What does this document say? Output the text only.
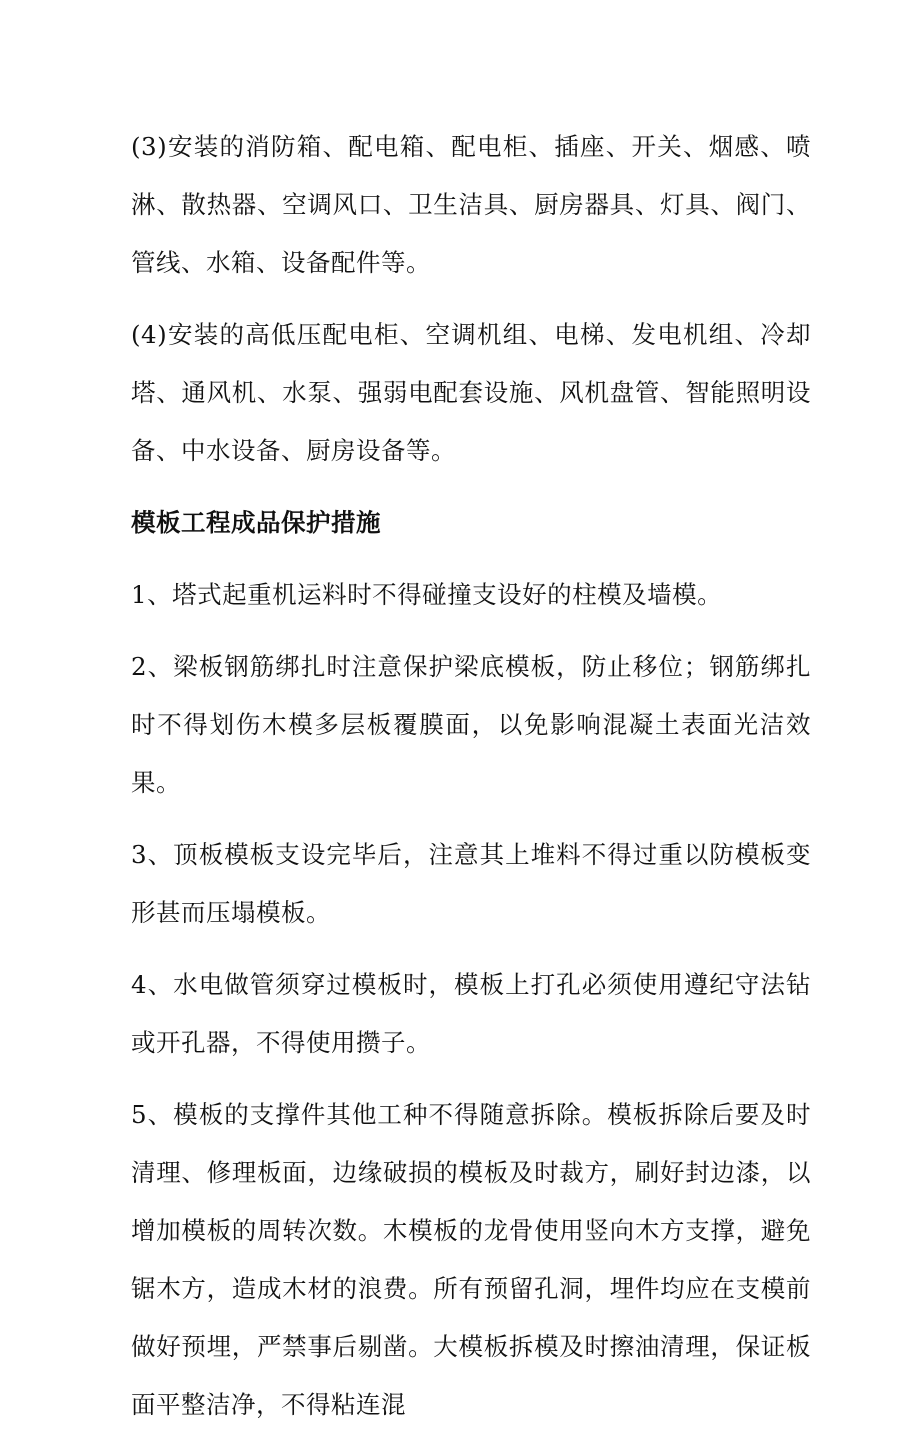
(3)安装的消防箱、配电箱、配电柜、插座、开关、烟感、喷淋、散热器、空调风口、卫生洁具、厨房器具、灯具、阀门、管线、水箱、设备配件等。

(4)安装的高低压配电柜、空调机组、电梯、发电机组、冷却塔、通风机、水泵、强弱电配套设施、风机盘管、智能照明设备、中水设备、厨房设备等。

模板工程成品保护措施

1、塔式起重机运料时不得碰撞支设好的柱模及墙模。

2、梁板钢筋绑扎时注意保护梁底模板，防止移位；钢筋绑扎时不得划伤木模多层板覆膜面，以免影响混凝土表面光洁效果。

3、顶板模板支设完毕后，注意其上堆料不得过重以防模板变形甚而压塌模板。

4、水电做管须穿过模板时，模板上打孔必须使用遵纪守法钻或开孔器，不得使用攒子。

5、模板的支撑件其他工种不得随意拆除。模板拆除后要及时清理、修理板面，边缘破损的模板及时裁方，刷好封边漆，以增加模板的周转次数。木模板的龙骨使用竖向木方支撑，避免锯木方，造成木材的浪费。所有预留孔洞，埋件均应在支模前做好预埋，严禁事后剔凿。大模板拆模及时擦油清理，保证板面平整洁净，不得粘连混
